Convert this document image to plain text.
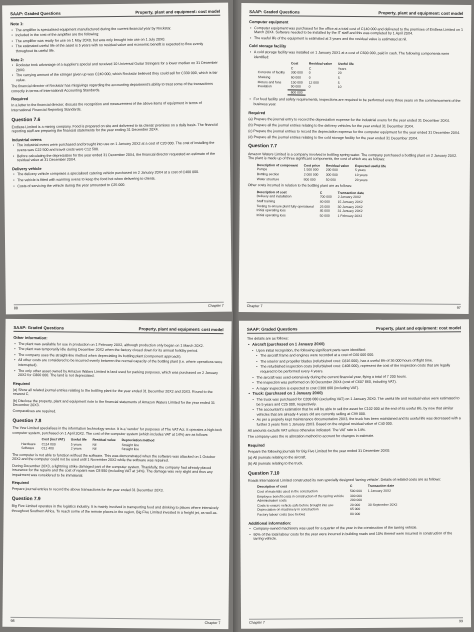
SAAP: Graded Questions	Property, plant and equipment: cost model
Note 1:
• The amplifier is specialised equipment manufactured during the current financial year by Rockstar.
• Included in the cost of the amplifier are the following:
• The amplifier was ready for use on 1 May 20X0, but was only brought into use on 1 July 20X0.
• The estimated useful life of the asset is 5 years with no residual value and economic benefit is expected to flow evenly throughout its useful life.
Note 2:
• Rockstar took advantage of a supplier's special and received 10 Universal Guitar Stringers for a lower median on 31 December 20X0.
• The carrying amount of the stringer given up was C240 000, which Rockstar believed they could sell for C330 000, which is fair value.
The financial director of Rockstar has misgivings regarding the accounting department's ability to treat some of the transactions correctly in terms of International Accounting Standards.
Required
In a letter to the financial director, discuss the recognition and measurement of the above items of equipment in terms of International Financial Reporting Standards.
Question 7.6
Endless Limited is a mining company. Food is prepared on site and delivered to its clients' premises on a daily basis. The financial reporting staff are preparing the financial statements for the year ending 31 December 20X4.
Industrial ovens
• The industrial ovens were purchased and brought into use on 1 January 20X2 at a cost of C20 000. The cost of installing the ovens was C22 500 and travel costs were C12 500.
• Before calculating the depreciation for the year ended 31 December 20X4, the financial director requested an estimate of the residual value at 31 December 20X4.
Delivery vehicle
• The delivery vehicle comprises a specialised catering vehicle purchased on 2 January 20X4 at a cost of C400 000.
• The vehicle is fitted with warming ovens to keep the food hot when delivering to clients.
• Costs of servicing the vehicle during the year amounted to C25 000.
88
Chapter 7
SAAP: Graded Questions	Property, plant and equipment: cost model
Computer equipment
• Computer equipment was purchased for the office at a total cost of C140 000 and delivered to the premises of Endless Limited on 1 March 20X4. Software needed to be installed by the IT staff and this was completed by 1 April 20X4.
• The useful life of the equipment is estimated at 3 years and the residual value is estimated at nil.
Cold storage facility
• A cold storage facility was installed on 1 January 20X1 at a cost of C600 000, paid in cash. The following components were identified:
	Cost	Residual value	Useful life
	C	C	Years
Concrete of facility	300 000	0	20
Shelving	60 000	0	5
Motors and fans	150 000	12 000	5
Insulation	90 000	0	10
	600 000		
• For food facility and safety requirements, inspections are required to be performed every three years on the commencement of the business year.
Required
(a) Prepare the journal entry to record the depreciation expense for the industrial ovens for the year ended 31 December 20X4.
(b) Prepare all the journal entries relating to the delivery vehicles for the year ended 31 December 20X4.
(c) Prepare the journal entries to record the depreciation expense for the computer equipment for the year ended 31 December 20X4.
(d) Prepare all the journal entries relating to the cold storage facility for the year ended 31 December 20X4.
Question 7.7
Amazon Waters Limited is a company involved in bottling spring water. The company purchased a bottling plant on 2 January 20X2. The plant is made up of three significant components, the cost of which are as follows:
Description of component	Cost price	Residual value	Expected useful life
Pumps	1 500 000	200 000	5 years
Bottling section	2 000 000	300 000	10 years
Water structure	800 000	50 000	20 years
Other costs incurred in relation to the bottling plant are as follows:
Description of cost	C	Transaction date
Delivery and installation	700 000	2 January 20X2
Staff training	80 000	15 January 20X2
Testing to ensure plant fully operational	25 000	30 January 20X2
Initial operating loss	85 000	31 January 20X2
Initial operating loss	50 000	1 February 20X2
Chapter 7	97
SAAP: Graded Questions	Property, plant and equipment: cost model
Other information:
• The plant was available for use in production on 1 February 20X2, although production only began on 1 March 20X2.
• The plant was temporarily idle during December 20X2 when the factory closed down for its annual holiday period.
• The company uses the straight-line method when depreciating its bottling plant (component approach).
• All other costs are considered to be incurred evenly between the normal capacity of the bottling plant (i.e. where operations were interrupted).
• The only other asset owned by Amazon Waters Limited is land used for parking purposes, which was purchased on 2 January 20X2 for C800 000. The land is not depreciated.
Required
(a) Show all related journal entries relating to the bottling plant for the year ended 31 December 20X2 and 20X3. Round to the nearest C.
(b) Disclose the property, plant and equipment note to the financial statements of Amazon Waters Limited for the year ended 31 December 20X3.
Comparatives are required.
Question 7.8
The Yew Limited specialises in the information technology sector. It is a 'vendor' for purposes of The VAT Act. It operates a high-tech computer system, purchased on 1 April 20X2. The cost of the computer system (which includes VAT at 14%) are as follows:
	Cost (incl VAT)	Useful life	Residual value	Depreciation method
Hardware	C114 000	5 years	Nil	Straight line
Software	C11 400	2 years	Nil	Straight line
The computer is not able to function without the software. This was demonstrated when the software was attacked on 1 October 20X2 and the computer could not be used until 1 November 20X2 while the software was repaired.
During December 20X3, a lightning strike damaged part of the computer system. Thankfully, the company had already placed insurance for the repairs and the cost of repairs was C8 550 (including VAT at 14%). The damage was very slight and thus any impairment was considered to be immaterial.
Required
Prepare journal entries to record the above transactions for the year ended 31 December 20X3.
Question 7.9
Big Five Limited operates in the logistics industry. It is mainly involved in transporting food and drinking to places where intensively throughout Southern Africa. To reach some of the remote places in the region, Big Five Limited invested in a freight jet, as well as.
98
Chapter 7
SAAP: Graded Questions	Property, plant and equipment: cost model
The details are as follows:
• Aircraft (purchased on 1 January 20X0)
• Upon initial recognition, the following significant parts were identified:
• The aircraft frame and engines were recorded at a cost of C60 000 000.
• The interior and propeller blades (refurbished cost: C816 000), has a useful life of 36 000 hours of flight time.
• The refurbished inspection costs (refurbished cost: C408 000), represent the cost of the inspection costs that are legally required to be performed every 4 years.
• The aircraft was used extensively during the current financial year, flying a total of 7 200 hours.
• The inspection was performed on 30 December 20X4 (cost of C607 860, including VAT).
• A major inspection is expected to cost C300 000 (including VAT).
• Truck: (purchased on 1 January 20X0)
• The truck was purchased for C208 080 (excluding VAT) on 1 January 20X0. The useful life and residual value were estimated to be 5 years and C25 000, respectively.
• The accountant's estimation that he will be able to sell the asset for C102 000 at the end of its useful life, by now that similar vehicles that are already 4 years old are currently selling at C99 000.
• As per a properly kept maintenance documentation 20X3, the truck has been maintained and its useful life was decreased with a further 3 years from 1 January 20X3. Based on the original residual value of C40 000.
All amounts exclude VAT unless otherwise indicated. The VAT rate is 14%.
The company uses the re allocation method to account for changes in estimate.
Required
Prepare the following journals for Big Five Limited for the year ended 31 December 20X0:
(a) All journals relating to the aircraft.
(b) All journals relating to the truck.
Question 7.10
Roads International Limited constructed its own specially designed 'tarring vehicle'. Details of related costs are as follows:
Description of cost	C	Transaction date
Cost of materials used in the construction	500 000	1 January 20X2
Employee benefit costs in construction of the tarring vehicle	300 000	
Administration costs	200 000	
Costs to ensure vehicle safe before brought into use	20 000	30 September 20X2
Depreciation on machinery in construction	65 000	
Factory labour costs (see below)	80 000	
Additional information:
• Company-owned machinery was used for a quarter of the year in the construction of the tarring vehicle.
• 90% of the total labour costs for the year were incurred in building roads and 10% thereof were incurred in construction of the tarring vehicle.
Chapter 7	99
